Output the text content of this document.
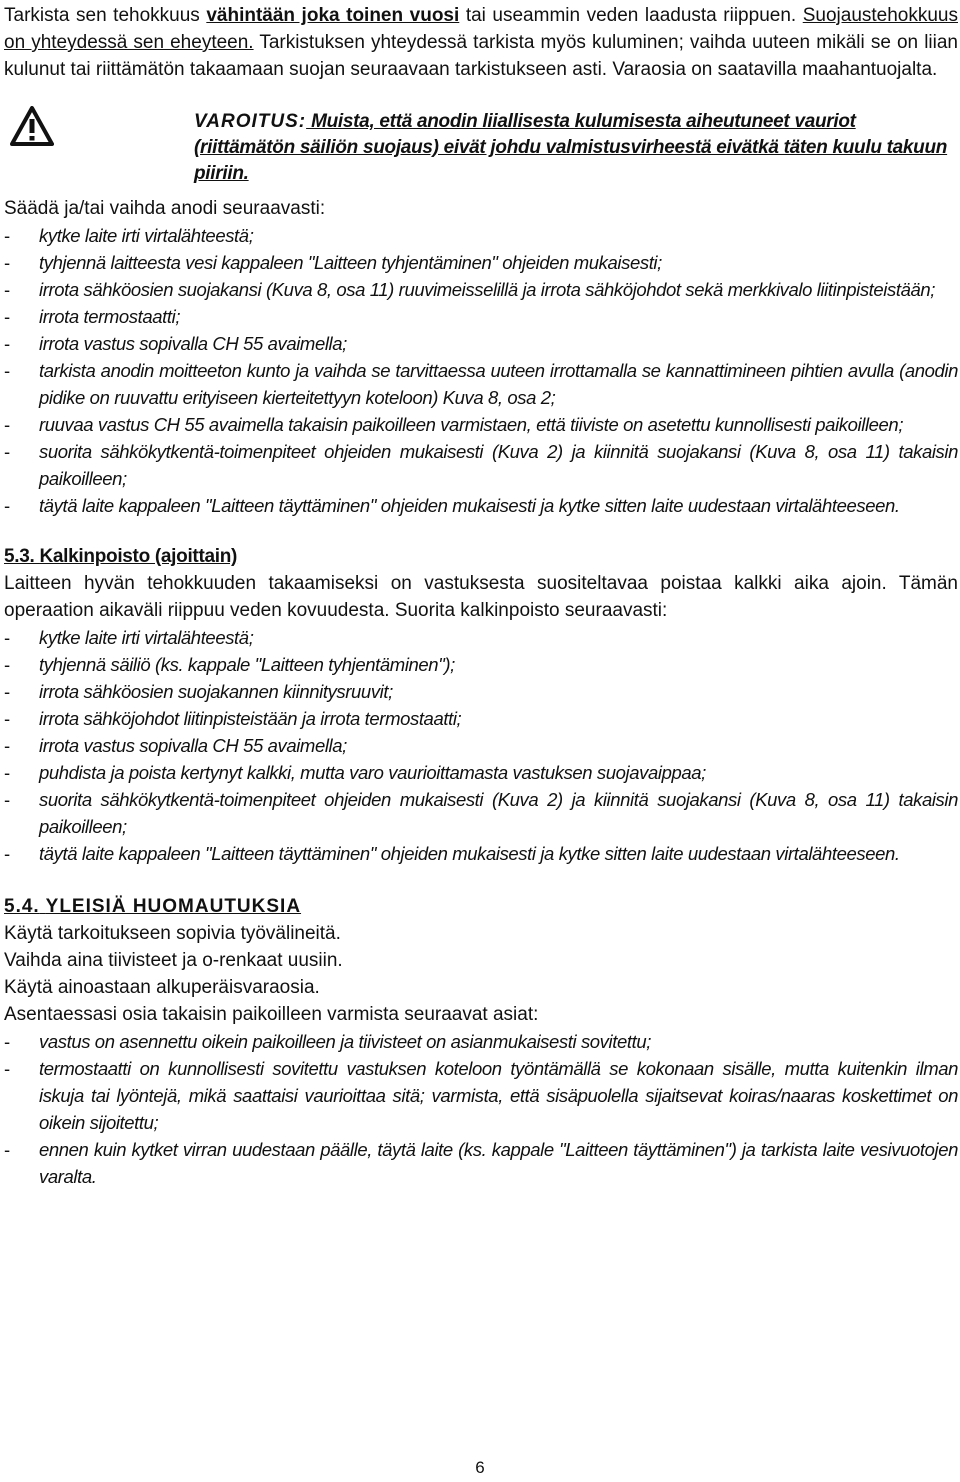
Tarkista sen tehokkuus vähintään joka toinen vuosi tai useammin veden laadusta riippuen. Suojaustehokkuus on yhteydessä sen eheyteen. Tarkistuksen yhteydessä tarkista myös kuluminen; vaihda uuteen mikäli se on liian kulunut tai riittämätön takaamaan suojan seuraavaan tarkistukseen asti. Varaosia on saatavilla maahantuojalta.

VAROITUS: Muista, että anodin liiallisesta kulumisesta aiheutuneet vauriot (riittämätön säiliön suojaus) eivät johdu valmistusvirheestä eivätkä täten kuulu takuun piiriin.

Säädä ja/tai vaihda anodi seuraavasti:

- kytke laite irti virtalähteestä;
- tyhjennä laitteesta vesi kappaleen "Laitteen tyhjentäminen" ohjeiden mukaisesti;
- irrota sähköosien suojakansi (Kuva 8, osa 11) ruuvimeisselillä ja irrota sähköjohdot sekä merkkivalo liitinpisteistään;
- irrota termostaatti;
- irrota vastus sopivalla CH 55 avaimella;
- tarkista anodin moitteeton kunto ja vaihda se tarvittaessa uuteen irrottamalla se kannattimineen pihtien avulla (anodin pidike on ruuvattu erityiseen kierteitettyyn koteloon) Kuva 8, osa 2;
- ruuvaa vastus CH 55 avaimella takaisin paikoilleen varmistaen, että tiiviste on asetettu kunnollisesti paikoilleen;
- suorita sähkökytkentä-toimenpiteet ohjeiden mukaisesti (Kuva 2) ja kiinnitä suojakansi (Kuva 8, osa 11) takaisin paikoilleen;
- täytä laite kappaleen "Laitteen täyttäminen" ohjeiden mukaisesti ja kytke sitten laite uudestaan virtalähteeseen.

5.3. Kalkinpoisto (ajoittain)

Laitteen hyvän tehokkuuden takaamiseksi on vastuksesta suositeltavaa poistaa kalkki aika ajoin. Tämän operaation aikaväli riippuu veden kovuudesta. Suorita kalkinpoisto seuraavasti:

- kytke laite irti virtalähteestä;
- tyhjennä säiliö (ks. kappale "Laitteen tyhjentäminen");
- irrota sähköosien suojakannen kiinnitysruuvit;
- irrota sähköjohdot liitinpisteistään ja irrota termostaatti;
- irrota vastus sopivalla CH 55 avaimella;
- puhdista ja poista kertynyt kalkki, mutta varo vaurioittamasta vastuksen suojavaippaa;
- suorita sähkökytkentä-toimenpiteet ohjeiden mukaisesti (Kuva 2) ja kiinnitä suojakansi (Kuva 8, osa 11) takaisin paikoilleen;
- täytä laite kappaleen "Laitteen täyttäminen" ohjeiden mukaisesti ja kytke sitten laite uudestaan virtalähteeseen.

5.4. YLEISIÄ HUOMAUTUKSIA

Käytä tarkoitukseen sopivia työvälineitä.

Vaihda aina tiivisteet ja o-renkaat uusiin.

Käytä ainoastaan alkuperäisvaraosia.

Asentaessasi osia takaisin paikoilleen varmista seuraavat asiat:

- vastus on asennettu oikein paikoilleen ja tiivisteet on asianmukaisesti sovitettu;
- termostaatti on kunnollisesti sovitettu vastuksen koteloon työntämällä se kokonaan sisälle, mutta kuitenkin ilman iskuja tai lyöntejä, mikä saattaisi vaurioittaa sitä; varmista, että sisäpuolella sijaitsevat koiras/naaras koskettimet on oikein sijoitettu;
- ennen kuin kytket virran uudestaan päälle, täytä laite (ks. kappale "Laitteen täyttäminen") ja tarkista laite vesivuotojen varalta.
6
